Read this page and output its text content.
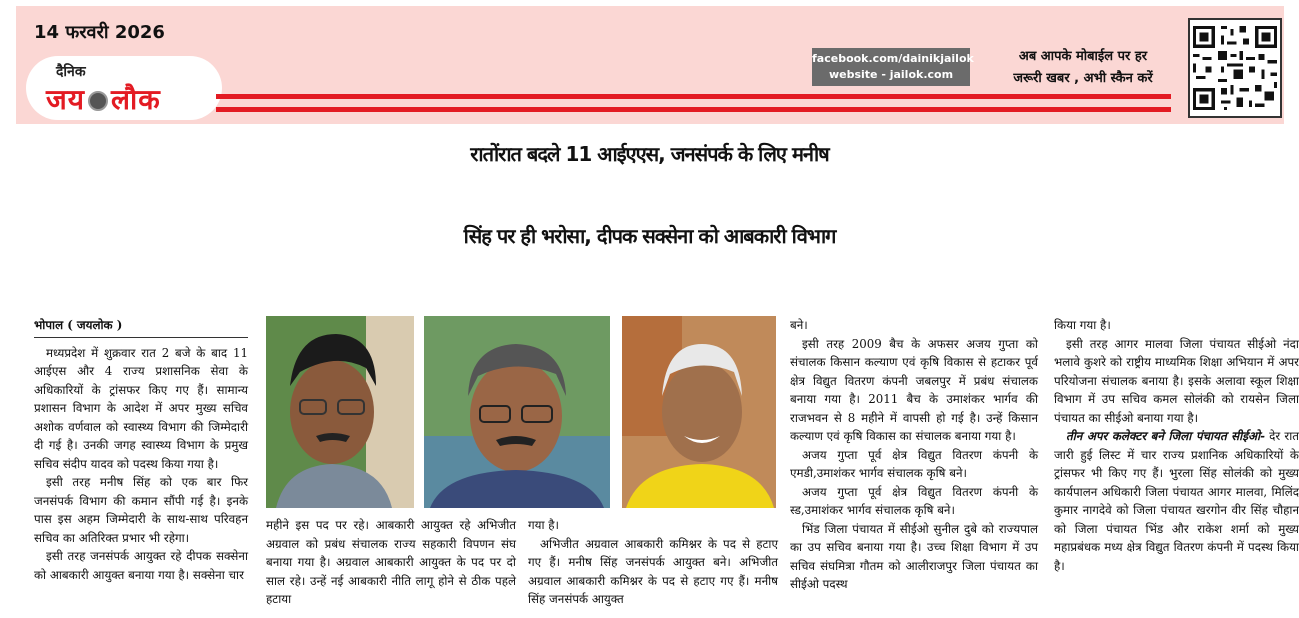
14 फरवरी 2026
दैनिक
जय लौक
facebook.com/dainikjailok
website - jailok.com
अब आपके मोबाईल पर हर
जरूरी खबर , अभी स्कैन करें
रातोंरात बदले 11 आईएएस, जनसंपर्क के लिए मनीष
सिंह पर ही भरोसा, दीपक सक्सेना को आबकारी विभाग

भोपाल ( जयलोक )

मध्यप्रदेश में शुक्रवार रात 2 बजे के बाद 11 आईएस और 4 राज्य प्रशासनिक सेवा के अधिकारियों के ट्रांसफर किए गए हैं। सामान्य प्रशासन विभाग के आदेश में अपर मुख्य सचिव अशोक वर्णवाल को स्वास्थ्य विभाग की जिम्मेदारी दी गई है। उनकी जगह स्वास्थ्य विभाग के प्रमुख सचिव संदीप यादव को पदस्थ किया गया है।

इसी तरह मनीष सिंह को एक बार फिर जनसंपर्क विभाग की कमान सौंपी गई है। इनके पास इस अहम जिम्मेदारी के साथ-साथ परिवहन सचिव का अतिरिक्त प्रभार भी रहेगा।

इसी तरह जनसंपर्क आयुक्त रहे दीपक सक्सेना को आबकारी आयुक्त बनाया गया है। सक्सेना चार

महीने इस पद पर रहे। आबकारी आयुक्त रहे अभिजीत अग्रवाल को प्रबंध संचालक राज्य सहकारी विपणन संघ बनाया गया है। अग्रवाल आबकारी आयुक्त के पद पर दो साल रहे। उन्हें नई आबकारी नीति लागू होने से ठीक पहले हटाया

गया है।

अभिजीत अग्रवाल आबकारी कमिश्नर के पद से हटाए गए हैं। मनीष सिंह जनसंपर्क आयुक्त बने। अभिजीत अग्रवाल आबकारी कमिश्नर के पद से हटाए गए हैं। मनीष सिंह जनसंपर्क आयुक्त

बने।

इसी तरह 2009 बैच के अफसर अजय गुप्ता को संचालक किसान कल्याण एवं कृषि विकास से हटाकर पूर्व क्षेत्र विद्युत वितरण कंपनी जबलपुर में प्रबंध संचालक बनाया गया है। 2011 बैच के उमाशंकर भार्गव की राजभवन से 8 महीने में वापसी हो गई है। उन्हें किसान कल्याण एवं कृषि विकास का संचालक बनाया गया है।

अजय गुप्ता पूर्व क्षेत्र विद्युत वितरण कंपनी के एमडी,उमाशंकर भार्गव संचालक कृषि बने।

अजय गुप्ता पूर्व क्षेत्र विद्युत वितरण कंपनी के स्ड,उमाशंकर भार्गव संचालक कृषि बने।

भिंड जिला पंचायत में सीईओ सुनील दुबे को राज्यपाल का उप सचिव बनाया गया है। उच्च शिक्षा विभाग में उप सचिव संघमित्रा गौतम को आलीराजपुर जिला पंचायत का सीईओ पदस्थ

किया गया है।

इसी तरह आगर मालवा जिला पंचायत सीईओ नंदा भलावे कुशरे को राष्ट्रीय माध्यमिक शिक्षा अभियान में अपर परियोजना संचालक बनाया है। इसके अलावा स्कूल शिक्षा विभाग में उप सचिव कमल सोलंकी को रायसेन जिला पंचायत का सीईओ बनाया गया है।

तीन अपर कलेक्टर बने जिला पंचायत सीईओ- देर रात जारी हुई लिस्ट में चार राज्य प्रशानिक अधिकारियों के ट्रांसफर भी किए गए हैं। भुरला सिंह सोलंकी को मुख्य कार्यपालन अधिकारी जिला पंचायत आगर मालवा, मिलिंद कुमार नागदेवे को जिला पंचायत खरगोन वीर सिंह चौहान को जिला पंचायत भिंड और राकेश शर्मा को मुख्य महाप्रबंधक मध्य क्षेत्र विद्युत वितरण कंपनी में पदस्थ किया है।
